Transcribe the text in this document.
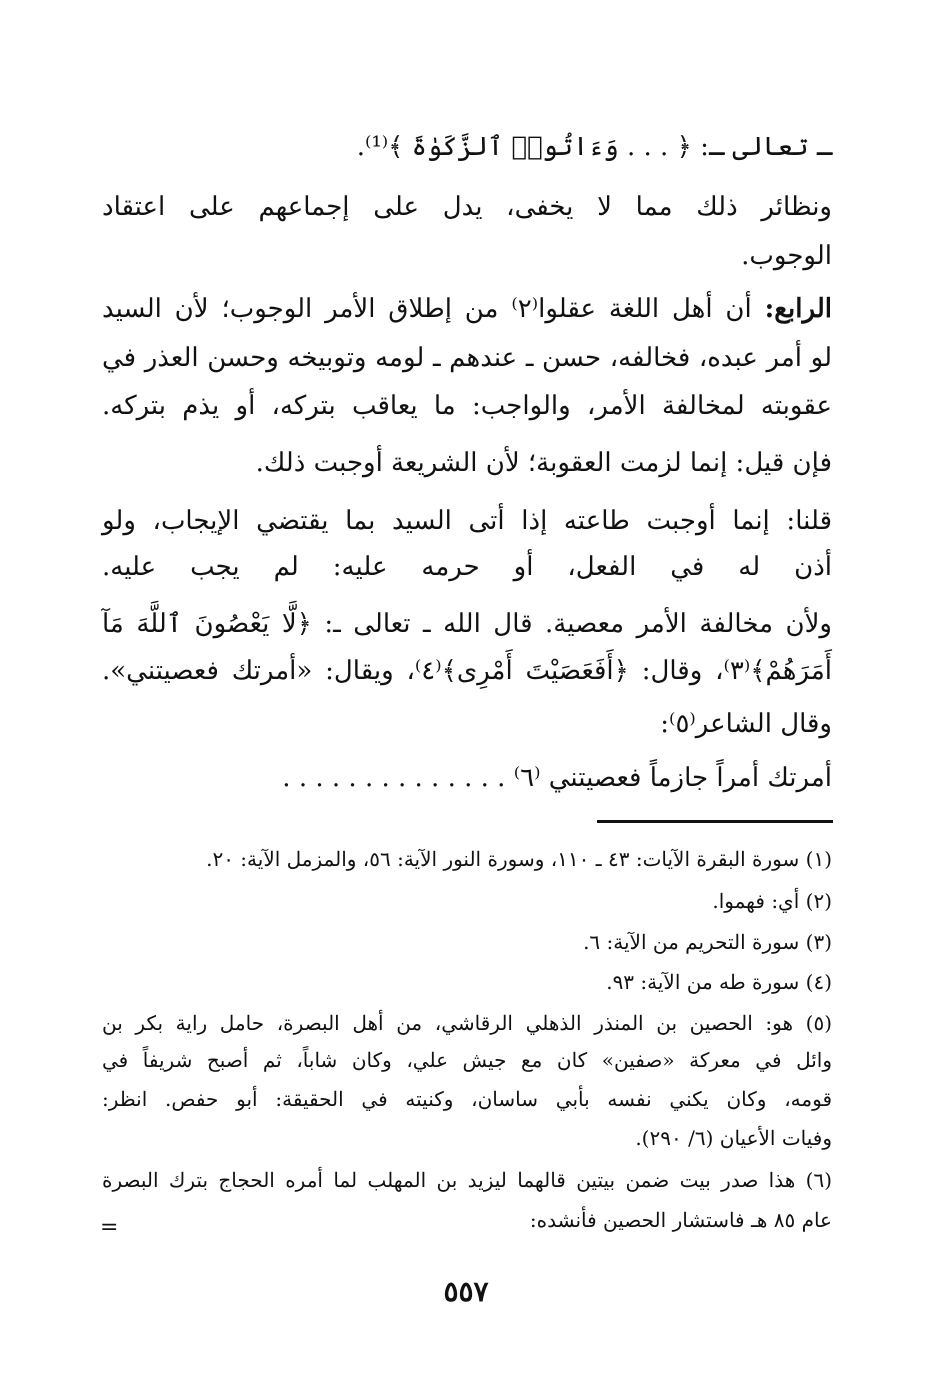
ـ تعالى ـ: ﴿ . . . وَءَاتُوا۟ ٱلزَّكَوٰةَ ﴾⁽¹⁾.
ونظائر ذلك مما لا يخفى، يدل على إجماعهم على اعتقاد
الوجوب.
الرابع: أن أهل اللغة عقلوا⁽٢⁾ من إطلاق الأمر الوجوب؛ لأن السيد
لو أمر عبده، فخالفه، حسن ـ عندهم ـ لومه وتوبيخه وحسن العذر في
عقوبته لمخالفة الأمر، والواجب: ما يعاقب بتركه، أو يذم بتركه.
فإن قيل: إنما لزمت العقوبة؛ لأن الشريعة أوجبت ذلك.
قلنا: إنما أوجبت طاعته إذا أتى السيد بما يقتضي الإيجاب، ولو
أذن له في الفعل، أو حرمه عليه: لم يجب عليه.
ولأن مخالفة الأمر معصية. قال الله ـ تعالى ـ: ﴿لَّا يَعْصُونَ ٱللَّهَ مَآ
أَمَرَهُمْ﴾⁽٣⁾، وقال: ﴿أَفَعَصَيْتَ أَمْرِى﴾⁽٤⁾، ويقال: «أمرتك فعصيتني».
وقال الشاعر⁽٥⁾:
أمرتك أمراً جازماً فعصيتني ⁽٦⁾ . . . . . . . . . . . . . .
(١) سورة البقرة الآيات: ٤٣ ـ ١١٠، وسورة النور الآية: ٥٦، والمزمل الآية: ٢٠.
(٢) أي: فهموا.
(٣) سورة التحريم من الآية: ٦.
(٤) سورة طه من الآية: ٩٣.
(٥) هو: الحصين بن المنذر الذهلي الرقاشي، من أهل البصرة، حامل راية بكر بن
وائل في معركة «صفين» كان مع جيش علي، وكان شاباً، ثم أصبح شريفاً في
قومه، وكان يكني نفسه بأبي ساسان، وكنيته في الحقيقة: أبو حفص. انظر:
وفيات الأعيان (٦/ ٢٩٠).
(٦) هذا صدر بيت ضمن بيتين قالهما ليزيد بن المهلب لما أمره الحجاج بترك البصرة
عام ٨٥ هـ فاستشار الحصين فأنشده:
=
٥٥٧
